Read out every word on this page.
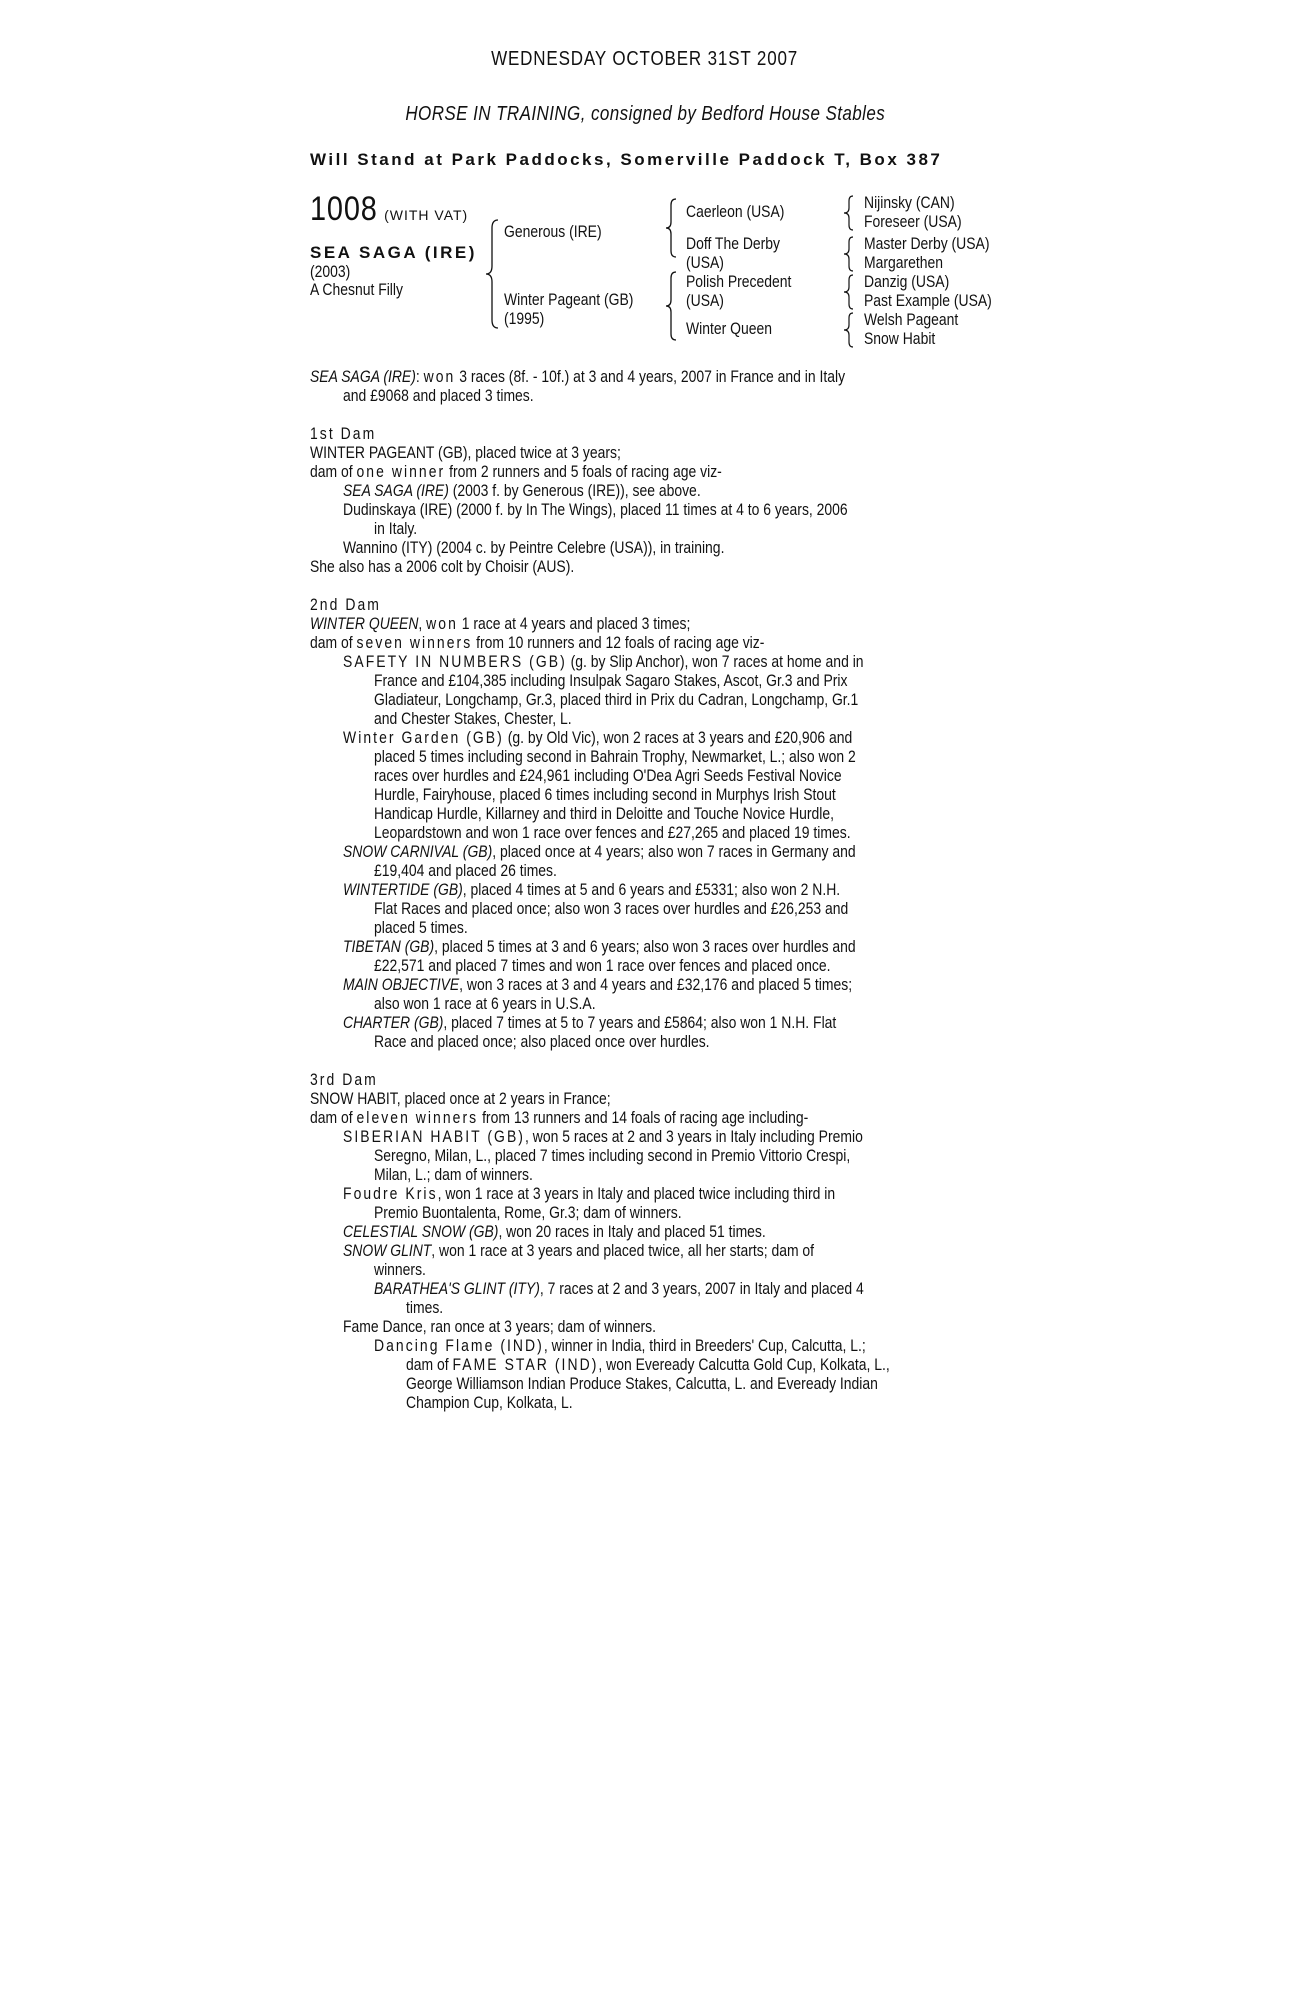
WEDNESDAY OCTOBER 31ST 2007
HORSE IN TRAINING, consigned by Bedford House Stables
Will Stand at Park Paddocks, Somerville Paddock T, Box 387
1008 (WITH VAT)
SEA SAGA (IRE)
(2003)
A Chesnut Filly
Generous (IRE)
Winter Pageant (GB)
(1995)
Caerleon (USA)
Doff The Derby
(USA)
Polish Precedent
(USA)
Winter Queen
Nijinsky (CAN)
Foreseer (USA)
Master Derby (USA)
Margarethen
Danzig (USA)
Past Example (USA)
Welsh Pageant
Snow Habit
SEA SAGA (IRE): won 3 races (8f. - 10f.) at 3 and 4 years, 2007 in France and in Italy
and £9068 and placed 3 times.
1st Dam
WINTER PAGEANT (GB), placed twice at 3 years;
dam of one winner from 2 runners and 5 foals of racing age viz-
SEA SAGA (IRE) (2003 f. by Generous (IRE)), see above.
Dudinskaya (IRE) (2000 f. by In The Wings), placed 11 times at 4 to 6 years, 2006
in Italy.
Wannino (ITY) (2004 c. by Peintre Celebre (USA)), in training.
She also has a 2006 colt by Choisir (AUS).
2nd Dam
WINTER QUEEN, won 1 race at 4 years and placed 3 times;
dam of seven winners from 10 runners and 12 foals of racing age viz-
SAFETY IN NUMBERS (GB) (g. by Slip Anchor), won 7 races at home and in
France and £104,385 including Insulpak Sagaro Stakes, Ascot, Gr.3 and Prix
Gladiateur, Longchamp, Gr.3, placed third in Prix du Cadran, Longchamp, Gr.1
and Chester Stakes, Chester, L.
Winter Garden (GB) (g. by Old Vic), won 2 races at 3 years and £20,906 and
placed 5 times including second in Bahrain Trophy, Newmarket, L.; also won 2
races over hurdles and £24,961 including O'Dea Agri Seeds Festival Novice
Hurdle, Fairyhouse, placed 6 times including second in Murphys Irish Stout
Handicap Hurdle, Killarney and third in Deloitte and Touche Novice Hurdle,
Leopardstown and won 1 race over fences and £27,265 and placed 19 times.
SNOW CARNIVAL (GB), placed once at 4 years; also won 7 races in Germany and
£19,404 and placed 26 times.
WINTERTIDE (GB), placed 4 times at 5 and 6 years and £5331; also won 2 N.H.
Flat Races and placed once; also won 3 races over hurdles and £26,253 and
placed 5 times.
TIBETAN (GB), placed 5 times at 3 and 6 years; also won 3 races over hurdles and
£22,571 and placed 7 times and won 1 race over fences and placed once.
MAIN OBJECTIVE, won 3 races at 3 and 4 years and £32,176 and placed 5 times;
also won 1 race at 6 years in U.S.A.
CHARTER (GB), placed 7 times at 5 to 7 years and £5864; also won 1 N.H. Flat
Race and placed once; also placed once over hurdles.
3rd Dam
SNOW HABIT, placed once at 2 years in France;
dam of eleven winners from 13 runners and 14 foals of racing age including-
SIBERIAN HABIT (GB), won 5 races at 2 and 3 years in Italy including Premio
Seregno, Milan, L., placed 7 times including second in Premio Vittorio Crespi,
Milan, L.; dam of winners.
Foudre Kris, won 1 race at 3 years in Italy and placed twice including third in
Premio Buontalenta, Rome, Gr.3; dam of winners.
CELESTIAL SNOW (GB), won 20 races in Italy and placed 51 times.
SNOW GLINT, won 1 race at 3 years and placed twice, all her starts; dam of
winners.
BARATHEA'S GLINT (ITY), 7 races at 2 and 3 years, 2007 in Italy and placed 4
times.
Fame Dance, ran once at 3 years; dam of winners.
Dancing Flame (IND), winner in India, third in Breeders' Cup, Calcutta, L.;
dam of FAME STAR (IND), won Eveready Calcutta Gold Cup, Kolkata, L.,
George Williamson Indian Produce Stakes, Calcutta, L. and Eveready Indian
Champion Cup, Kolkata, L.
